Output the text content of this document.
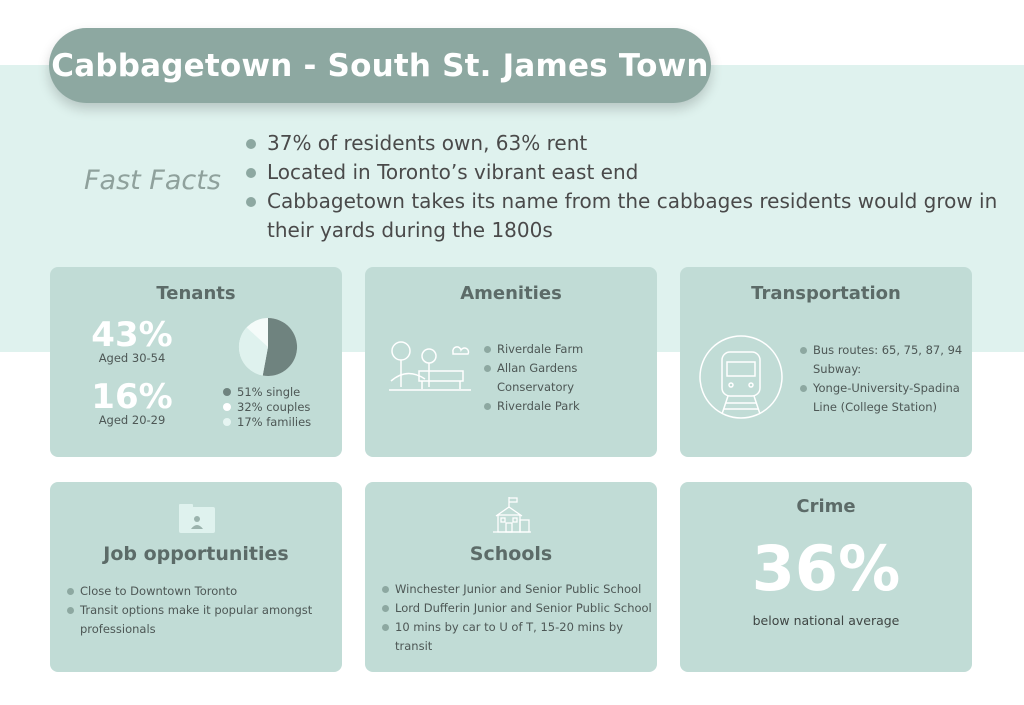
Cabbagetown - South St. James Town
Fast Facts
37% of residents own, 63% rent
Located in Toronto’s vibrant east end
Cabbagetown takes its name from the cabbages residents would grow in their yards during the 1800s
Tenants
43%
Aged 30-54
16%
Aged 20-29
51% single
32% couples
17% families
Amenities
Riverdale Farm
Allan Gardens Conservatory
Riverdale Park
Transportation
Bus routes: 65, 75, 87, 94
Subway:
Yonge-University-Spadina Line (College Station)
Job opportunities
Close to Downtown Toronto
Transit options make it popular amongst professionals
Schools
Winchester Junior and Senior Public School
Lord Dufferin Junior and Senior Public School
10 mins by car to U of T, 15-20 mins by transit
Crime
36%
below national average
